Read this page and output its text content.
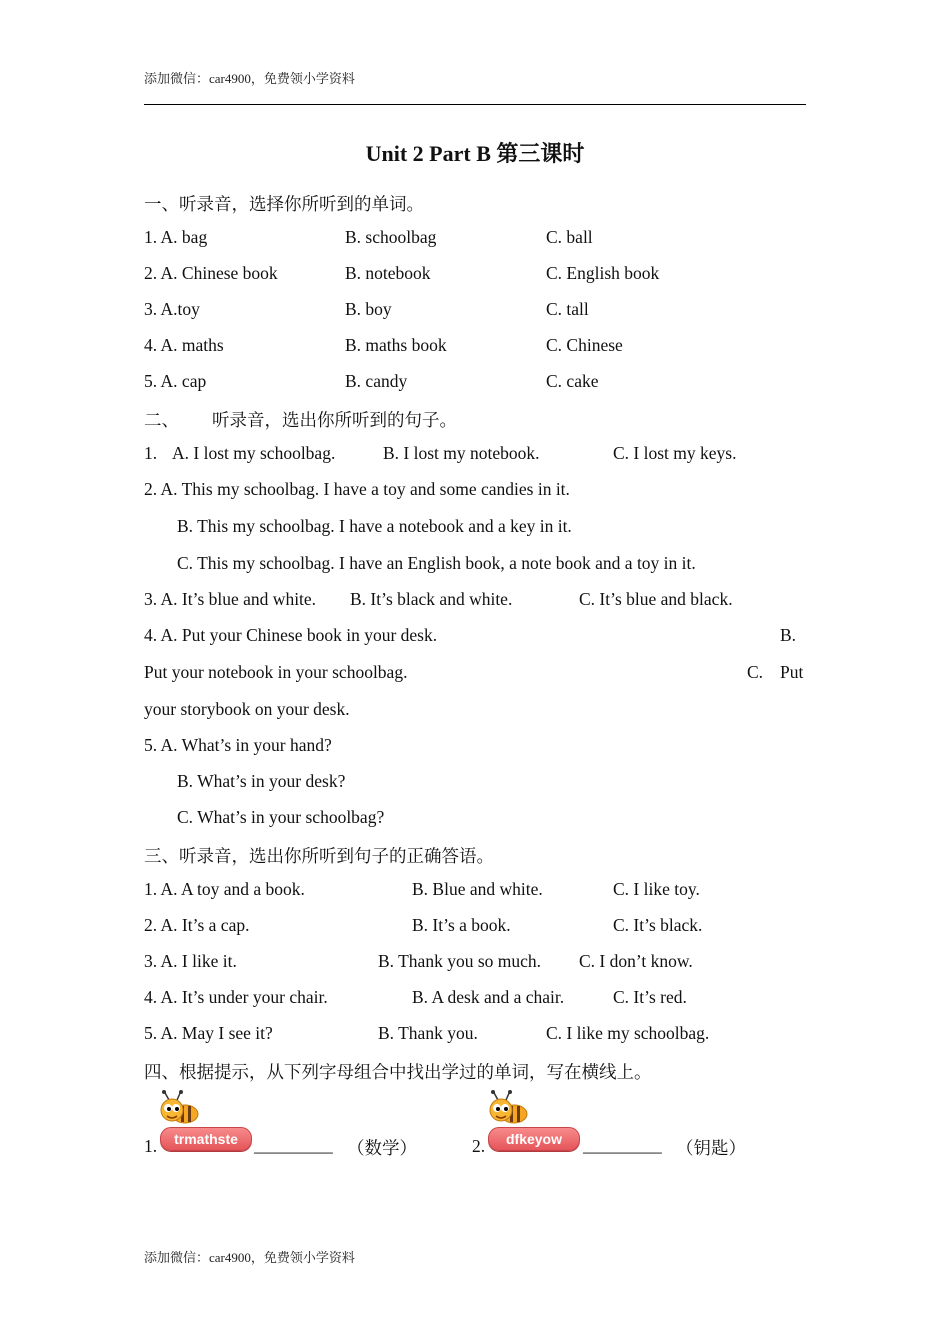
添加微信：car4900，免费领小学资料
Unit 2 Part B 第三课时
一、听录音，选择你所听到的单词。
1. A. bag	B. schoolbag	C. ball
2. A. Chinese book	B. notebook	C. English book
3. A.toy	B. boy	C. tall
4. A. maths	B. maths book	C. Chinese
5. A. cap	B. candy	C. cake
二、 听录音，选出你所听到的句子。
1. A. I lost my schoolbag.	B. I lost my notebook.	C. I lost my keys.
2. A. This my schoolbag. I have a toy and some candies in it.
B. This my schoolbag. I have a notebook and a key in it.
C. This my schoolbag. I have an English book, a note book and a toy in it.
3. A. It’s blue and white. B. It’s black and white.	C. It’s blue and black.
4. A. Put your Chinese book in your desk.	B.
Put your notebook in your schoolbag.	C. Put
your storybook on your desk.
5. A. What’s in your hand?
B. What’s in your desk?
C. What’s in your schoolbag?
三、听录音，选出你所听到句子的正确答语。
1. A. A toy and a book.	B. Blue and white.	C. I like toy.
2. A. It’s a cap.	B. It’s a book.	C. It’s black.
3. A. I like it.	B. Thank you so much. C. I don’t know.
4. A. It’s under your chair.	B. A desk and a chair.	C. It’s red.
5. A. May I see it?	B. Thank you.	C. I like my schoolbag.
四、根据提示，从下列字母组合中找出学过的单词，写在横线上。
1.	trmathste _________ （数学）	2.	dfkeyow	_________ （钥匙）
添加微信：car4900，免费领小学资料
